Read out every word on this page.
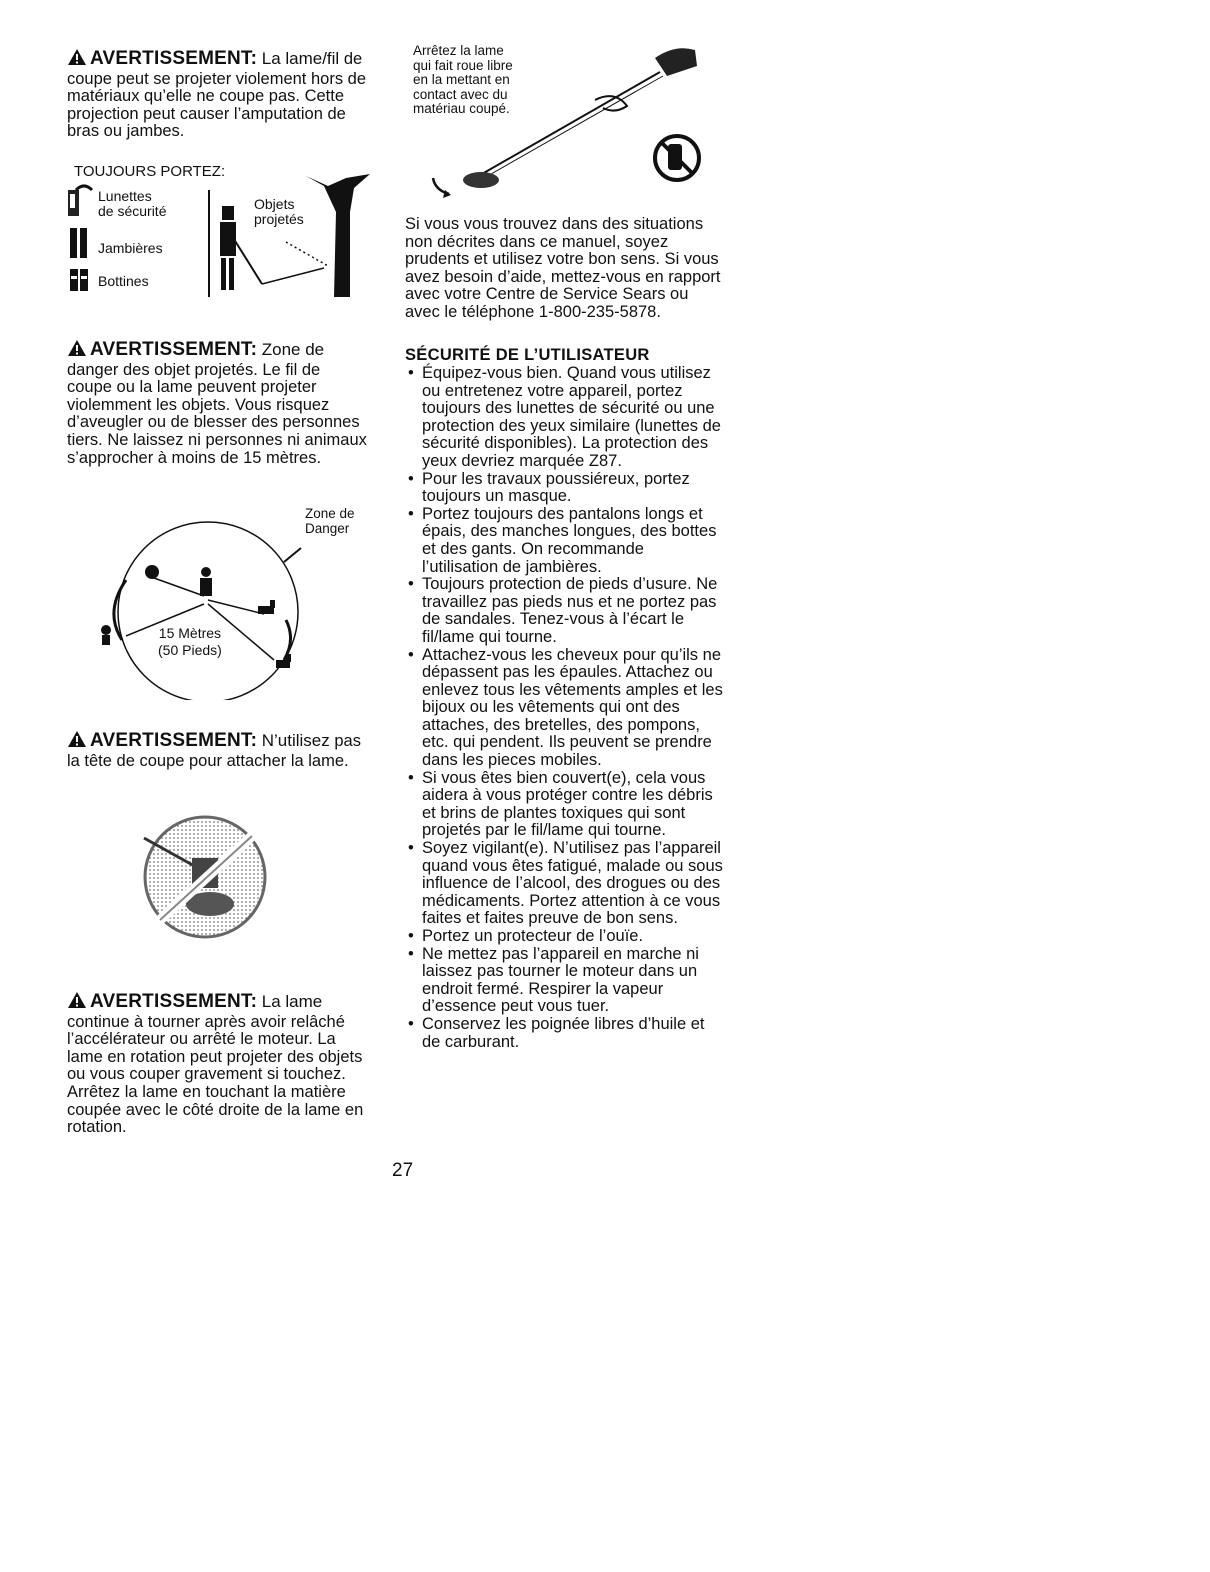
AVERTISSEMENT: La lame/fil de coupe peut se projeter violement hors de matériaux qu’elle ne coupe pas. Cette projection peut causer l’amputation de bras ou jambes.

TOUJOURS PORTEZ:
Lunettes
de sécurité
Jambières
Bottines
Objets
projetés

AVERTISSEMENT: Zone de danger des objet projetés. Le fil de coupe ou la lame peuvent projeter violemment les objets. Vous risquez d’aveugler ou de blesser des personnes tiers. Ne laissez ni personnes ni animaux s’approcher à moins de 15 mètres.

Zone de
Danger
15 Mètres
(50 Pieds)

AVERTISSEMENT: N’utilisez pas la tête de coupe pour attacher la lame.

AVERTISSEMENT: La lame continue à tourner après avoir relâché l’accélérateur ou arrêté le moteur. La lame en rotation peut projeter des objets ou vous couper gravement si touchez. Arrêtez la lame en touchant la matière coupée avec le côté droite de la lame en rotation.

Arrêtez la lame
qui fait roue libre
en la mettant en
contact avec du
matériau coupé.

Si vous vous trouvez dans des situations non décrites dans ce manuel, soyez prudents et utilisez votre bon sens. Si vous avez besoin d’aide, mettez-vous en rapport avec votre Centre de Service Sears ou avec le téléphone 1-800-235-5878.

SÉCURITÉ DE L’UTILISATEUR
• Équipez-vous bien. Quand vous utilisez ou entretenez votre appareil, portez toujours des lunettes de sécurité ou une protection des yeux similaire (lunettes de sécurité disponibles). La protection des yeux devriez marquée Z87.
• Pour les travaux poussiéreux, portez toujours un masque.
• Portez toujours des pantalons longs et épais, des manches longues, des bottes et des gants. On recommande l’utilisation de jambières.
• Toujours protection de pieds d’usure. Ne travaillez pas pieds nus et ne portez pas de sandales. Tenez-vous à l’écart le fil/lame qui tourne.
• Attachez-vous les cheveux pour qu’ils ne dépassent pas les épaules. Attachez ou enlevez tous les vêtements amples et les bijoux ou les vêtements qui ont des attaches, des bretelles, des pompons, etc. qui pendent. Ils peuvent se prendre dans les pieces mobiles.
• Si vous êtes bien couvert(e), cela vous aidera à vous protéger contre les débris et brins de plantes toxiques qui sont projetés par le fil/lame qui tourne.
• Soyez vigilant(e). N’utilisez pas l’appareil quand vous êtes fatigué, malade ou sous influence de l’alcool, des drogues ou des médicaments. Portez attention à ce vous faites et faites preuve de bon sens.
• Portez un protecteur de l’ouïe.
• Ne mettez pas l’appareil en marche ni laissez pas tourner le moteur dans un endroit fermé. Respirer la vapeur d’essence peut vous tuer.
• Conservez les poignée libres d’huile et de carburant.
27
